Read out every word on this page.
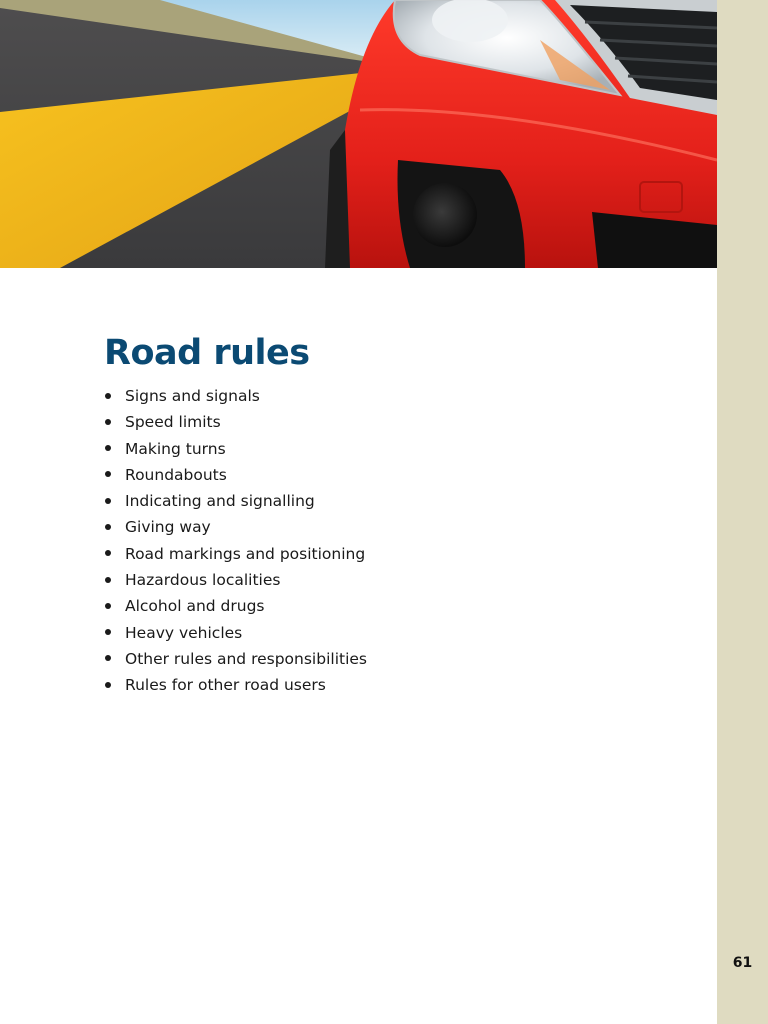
Road rules
Signs and signals
Speed limits
Making turns
Roundabouts
Indicating and signalling
Giving way
Road markings and positioning
Hazardous localities
Alcohol and drugs
Heavy vehicles
Other rules and responsibilities
Rules for other road users
61
